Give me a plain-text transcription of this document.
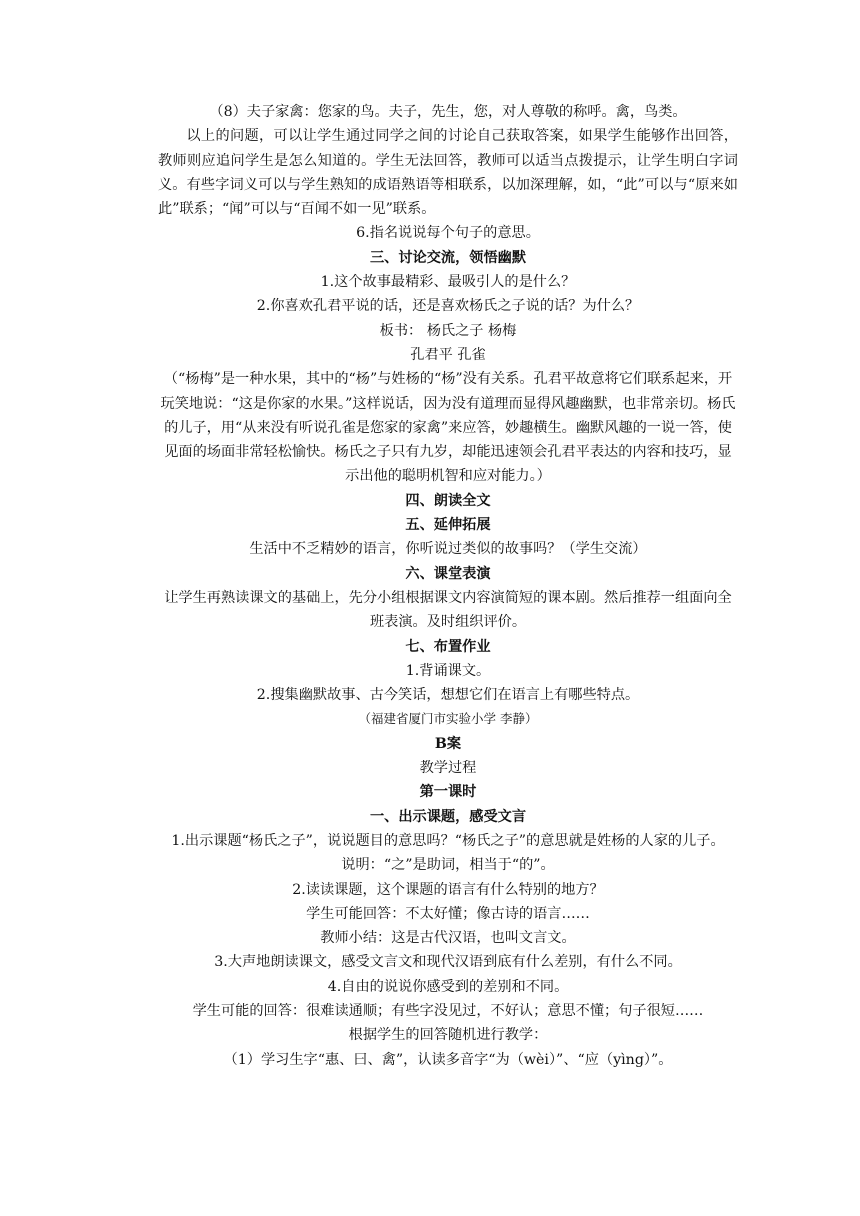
（8）夫子家禽：您家的鸟。夫子，先生，您，对人尊敬的称呼。禽，鸟类。

以上的问题，可以让学生通过同学之间的讨论自己获取答案，如果学生能够作出回答，教师则应追问学生是怎么知道的。学生无法回答，教师可以适当点拨提示，让学生明白字词义。有些字词义可以与学生熟知的成语熟语等相联系，以加深理解，如，“此”可以与“原来如此”联系；“闻”可以与“百闻不如一见”联系。

6.指名说说每个句子的意思。

三、讨论交流，领悟幽默

1.这个故事最精彩、最吸引人的是什么？

2.你喜欢孔君平说的话，还是喜欢杨氏之子说的话？为什么？

板书： 杨氏之子 杨梅

孔君平 孔雀

（“杨梅”是一种水果，其中的“杨”与姓杨的“杨”没有关系。孔君平故意将它们联系起来，开玩笑地说：“这是你家的水果。”这样说话，因为没有道理而显得风趣幽默，也非常亲切。杨氏的儿子，用“从来没有听说孔雀是您家的家禽”来应答，妙趣横生。幽默风趣的一说一答，使见面的场面非常轻松愉快。杨氏之子只有九岁，却能迅速领会孔君平表达的内容和技巧，显示出他的聪明机智和应对能力。）

四、朗读全文

五、延伸拓展

生活中不乏精妙的语言，你听说过类似的故事吗？（学生交流）

六、课堂表演

让学生再熟读课文的基础上，先分小组根据课文内容演简短的课本剧。然后推荐一组面向全班表演。及时组织评价。

七、布置作业

1.背诵课文。

2.搜集幽默故事、古今笑话，想想它们在语言上有哪些特点。

（福建省厦门市实验小学 李静）

B案

教学过程

第一课时

一、出示课题，感受文言

1.出示课题“杨氏之子”，说说题目的意思吗？“杨氏之子”的意思就是姓杨的人家的儿子。

说明：“之”是助词，相当于“的”。

2.读读课题，这个课题的语言有什么特别的地方？

学生可能回答：不太好懂；像古诗的语言……

教师小结：这是古代汉语，也叫文言文。

3.大声地朗读课文，感受文言文和现代汉语到底有什么差别，有什么不同。

4.自由的说说你感受到的差别和不同。

学生可能的回答：很难读通顺；有些字没见过，不好认；意思不懂；句子很短……

根据学生的回答随机进行教学：

（1）学习生字“惠、曰、禽”，认读多音字“为（wèi）”、“应（yìng）”。
